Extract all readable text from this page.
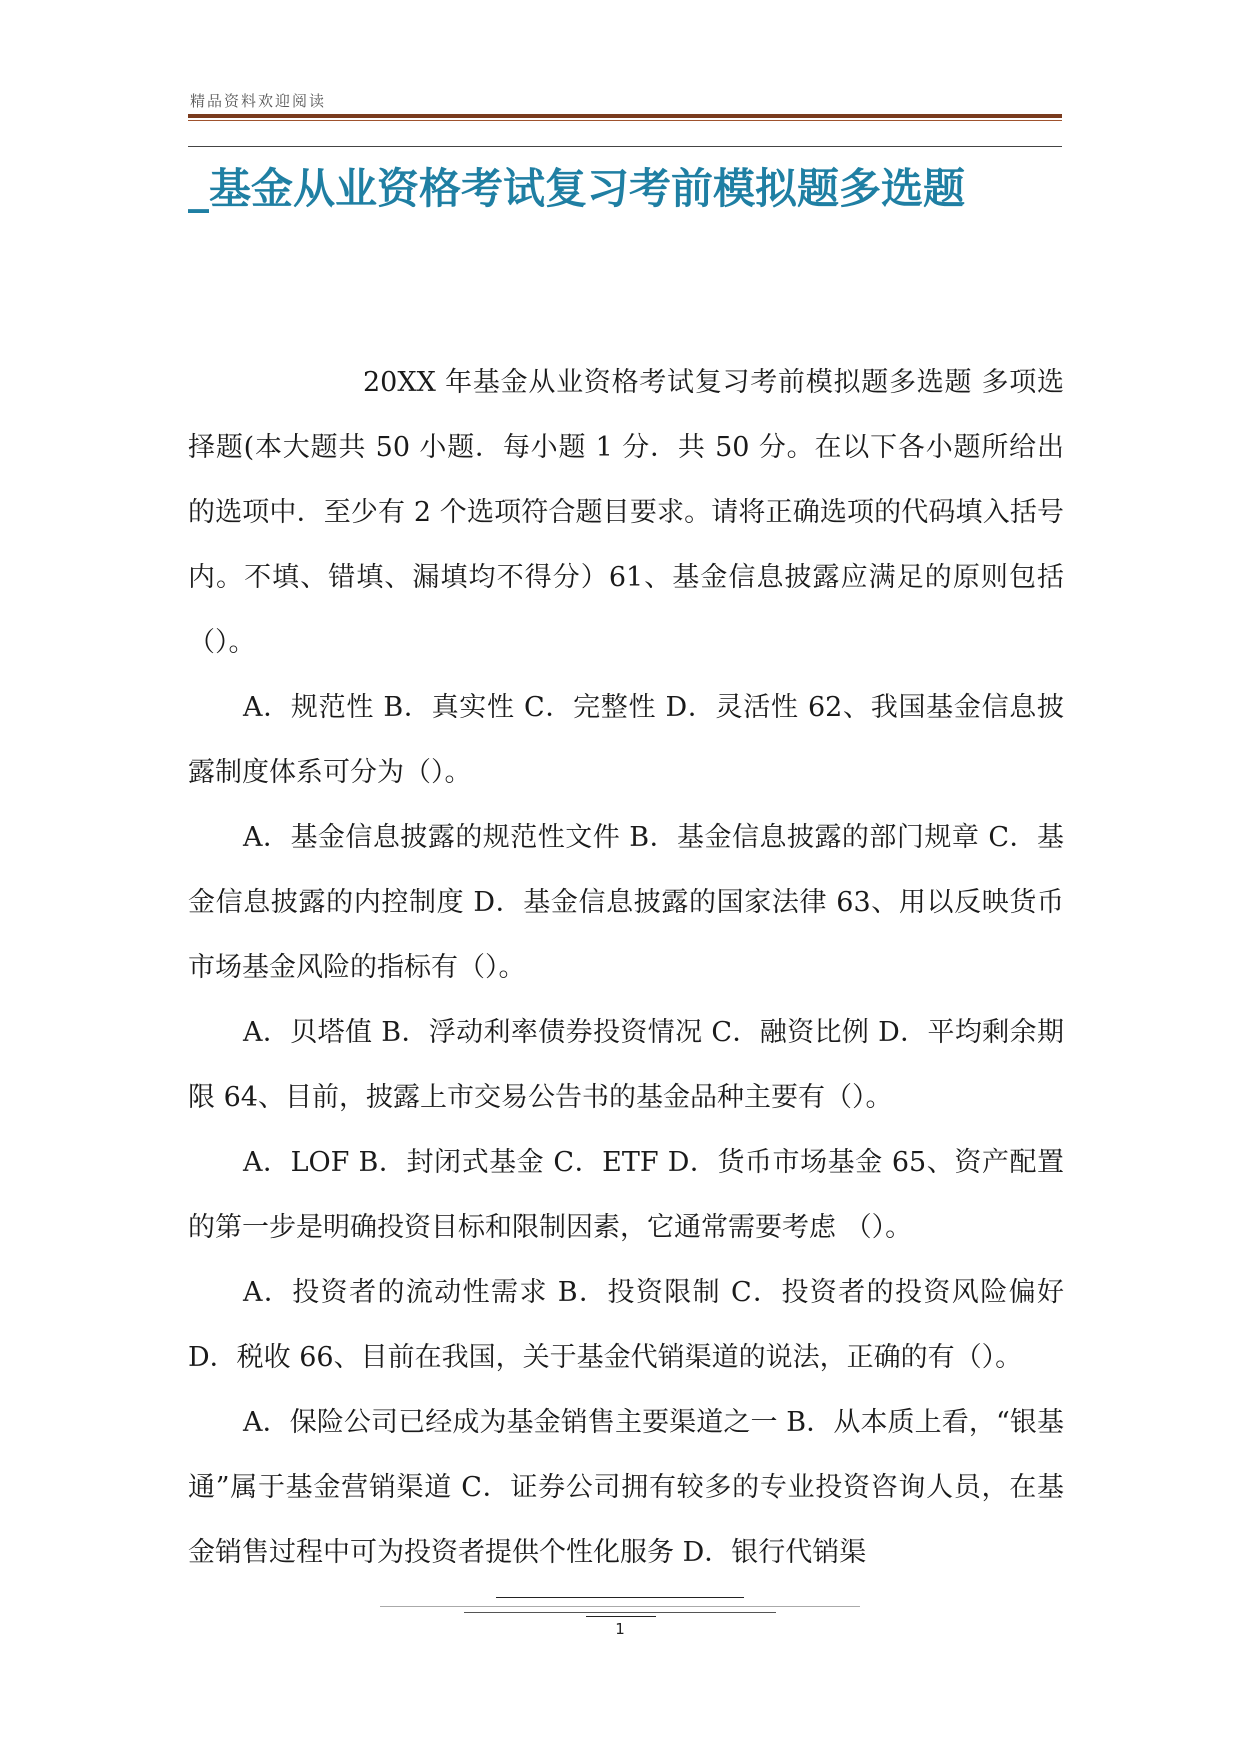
精品资料欢迎阅读
_基金从业资格考试复习考前模拟题多选题

20XX 年基金从业资格考试复习考前模拟题多选题 多项选择题(本大题共 50 小题．每小题 1 分．共 50 分。在以下各小题所给出的选项中．至少有 2 个选项符合题目要求。请将正确选项的代码填入括号内。不填、错填、漏填均不得分）61、基金信息披露应满足的原则包括（）。

A．规范性 B．真实性 C．完整性 D．灵活性 62、我国基金信息披露制度体系可分为（）。

A．基金信息披露的规范性文件 B．基金信息披露的部门规章 C．基金信息披露的内控制度 D．基金信息披露的国家法律 63、用以反映货币市场基金风险的指标有（）。

A．贝塔值 B．浮动利率债券投资情况 C．融资比例 D．平均剩余期限 64、目前，披露上市交易公告书的基金品种主要有（）。

A．LOF B．封闭式基金 C．ETF D．货币市场基金 65、资产配置的第一步是明确投资目标和限制因素，它通常需要考虑 （）。

A．投资者的流动性需求 B．投资限制 C．投资者的投资风险偏好 D．税收 66、目前在我国，关于基金代销渠道的说法，正确的有（）。

A．保险公司已经成为基金销售主要渠道之一 B．从本质上看，“银基通”属于基金营销渠道 C．证券公司拥有较多的专业投资咨询人员，在基金销售过程中可为投资者提供个性化服务 D．银行代销渠

1
